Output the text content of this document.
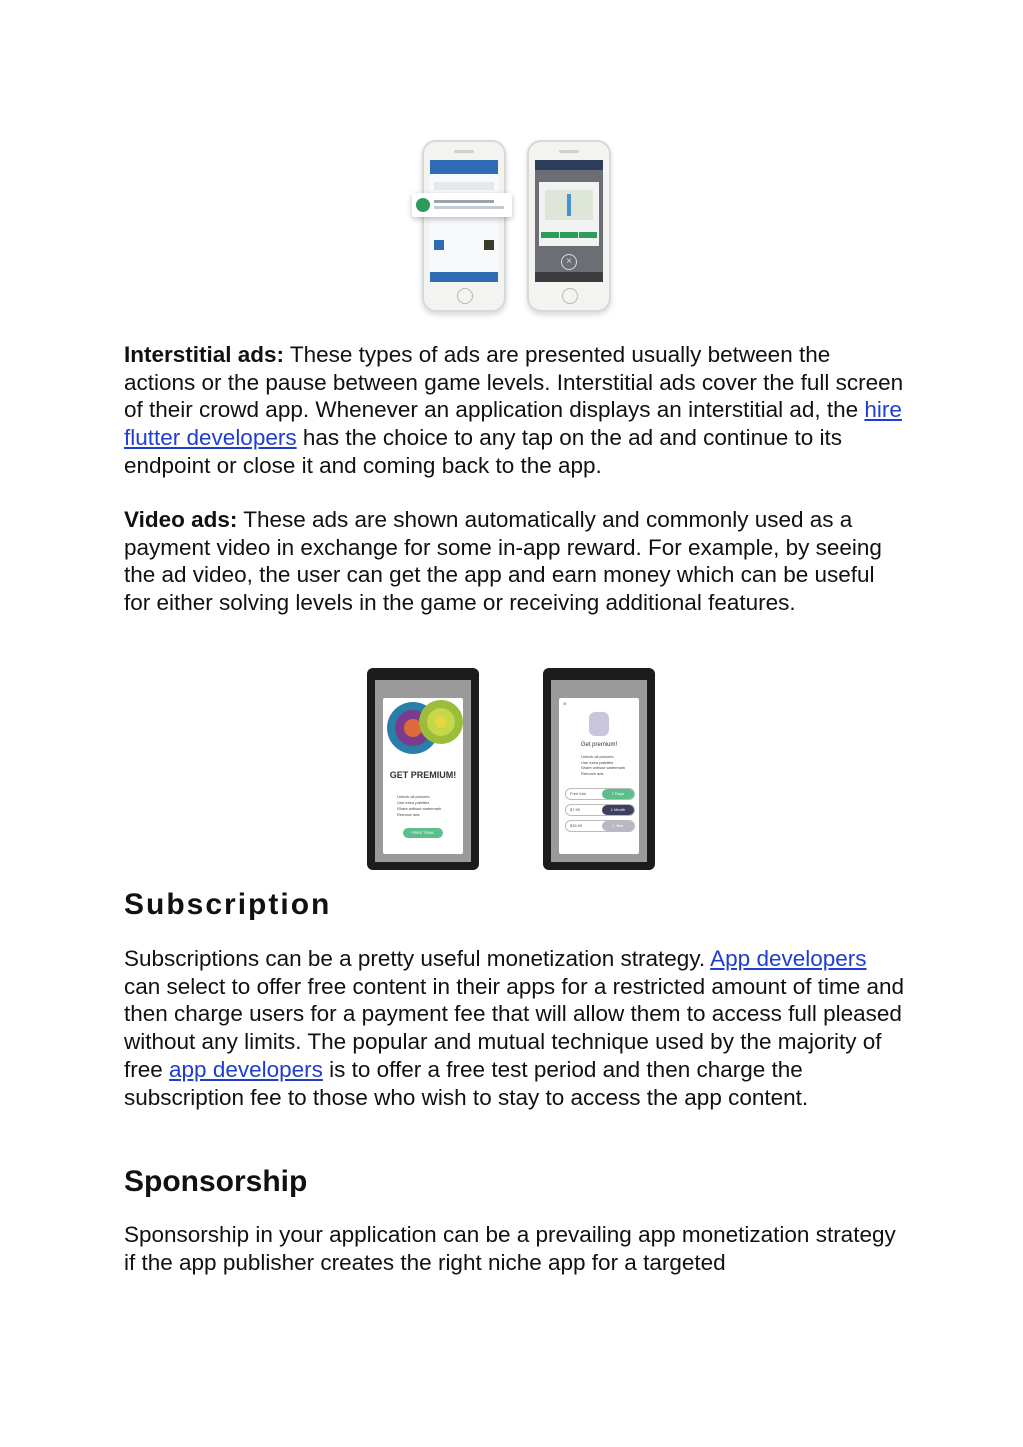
×

Interstitial ads: These types of ads are presented usually between the actions or the pause between game levels. Interstitial ads cover the full screen of their crowd app. Whenever an application displays an interstitial ad, the hire flutter developers has the choice to any tap on the ad and continue to its endpoint or close it and coming back to the app.

Video ads: These ads are shown automatically and commonly used as a payment video in exchange for some in-app reward. For example, by seeing the ad video, the user can get the app and earn money which can be useful for either solving levels in the game or receiving additional features.

GET PREMIUM!
Unlock all pictures
Use extra palettes
Share without watermark
Remove ads
FREE TRIAL
×
Get premium!
Unlock all pictures
Use extra palettes
Share without watermark
Remove ads
Free trial	7 Days
$7.99	1 Month
$35.99	1 Year
Subscription

Subscriptions can be a pretty useful monetization strategy. App developers can select to offer free content in their apps for a restricted amount of time and then charge users for a payment fee that will allow them to access full pleased without any limits. The popular and mutual technique used by the majority of free app developers is to offer a free test period and then charge the subscription fee to those who wish to stay to access the app content.

Sponsorship

Sponsorship in your application can be a prevailing app monetization strategy if the app publisher creates the right niche app for a targeted
